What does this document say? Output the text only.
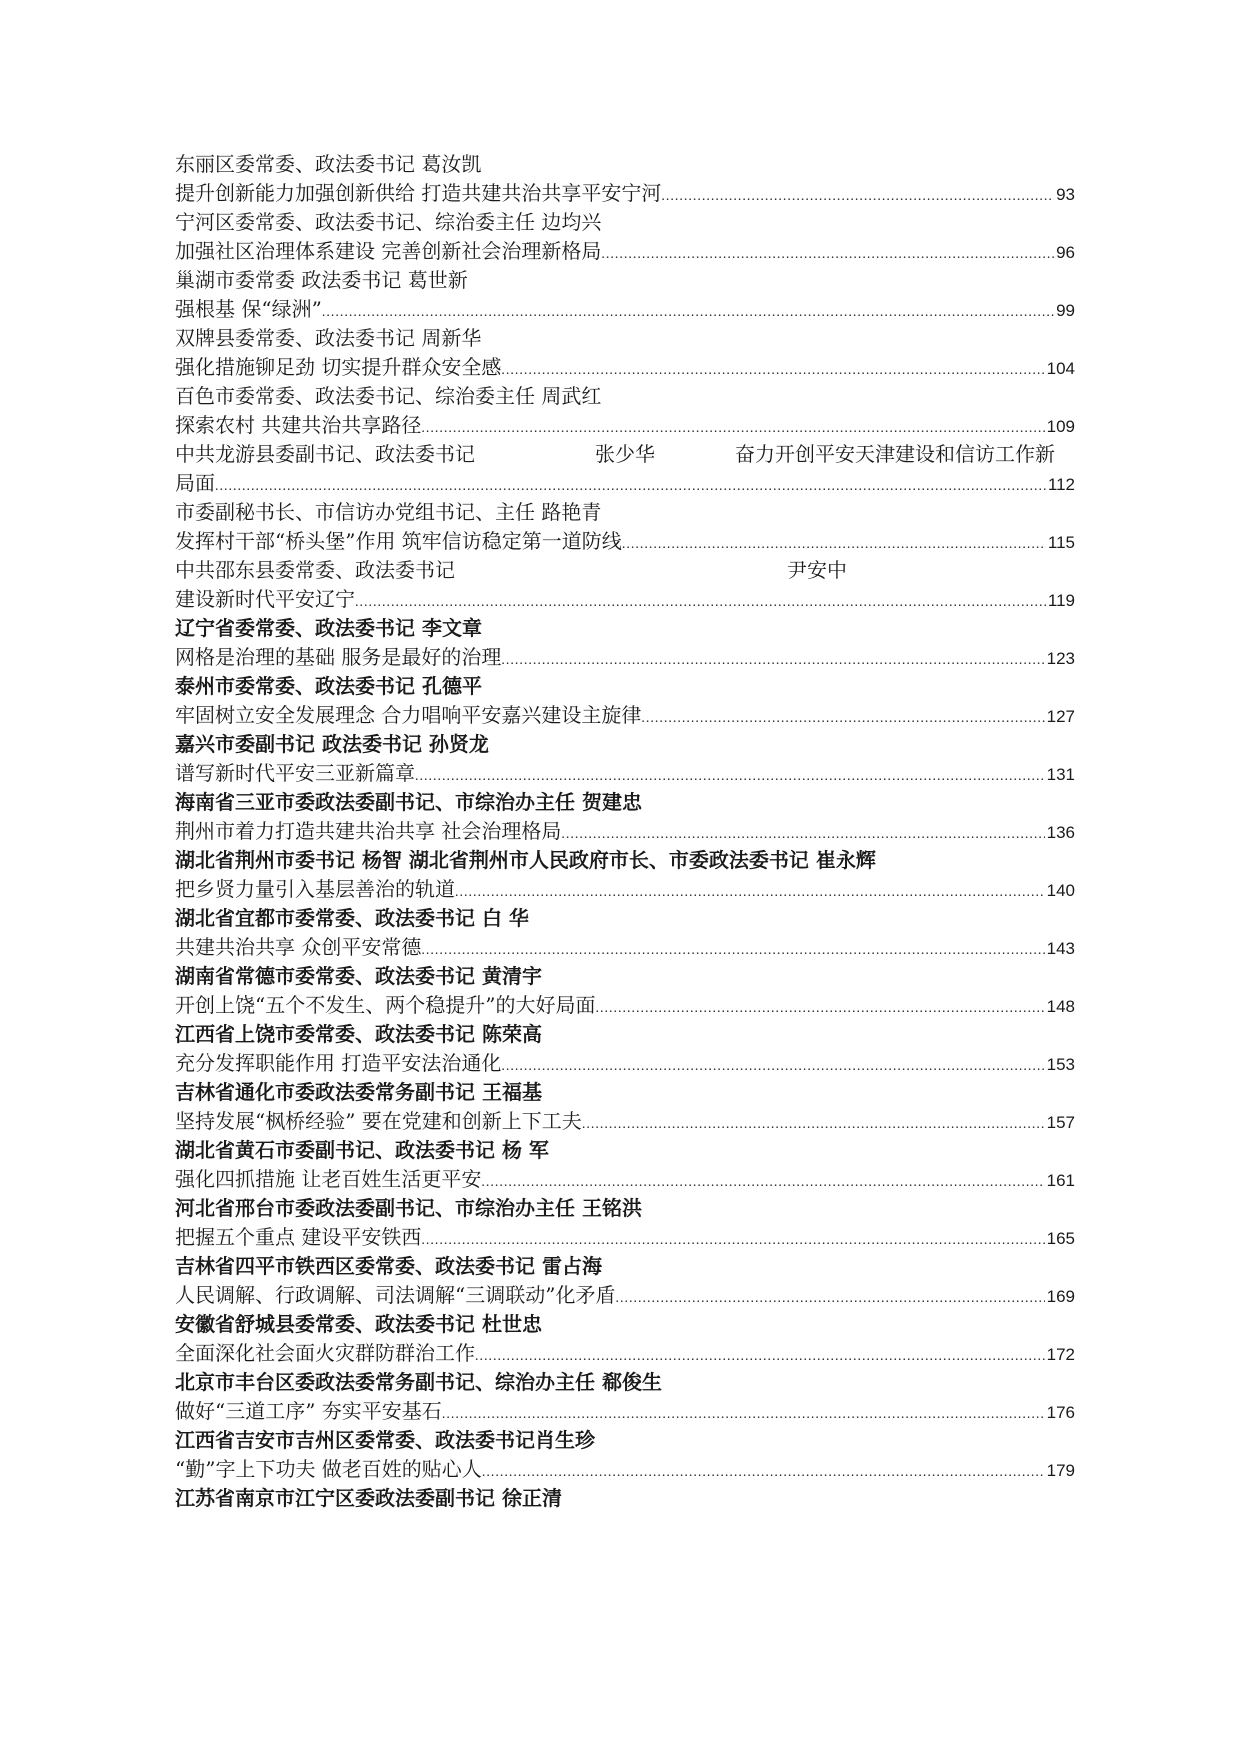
东丽区委常委、政法委书记 葛汝凯
提升创新能力加强创新供给 打造共建共治共享平安宁河 .....	93
宁河区委常委、政法委书记、综治委主任 边均兴
加强社区治理体系建设 完善创新社会治理新格局 .....	96
巢湖市委常委 政法委书记 葛世新
强根基 保“绿洲” .....	99
双牌县委常委、政法委书记 周新华
强化措施铆足劲 切实提升群众安全感 .....	104
百色市委常委、政法委书记、综治委主任 周武红
探索农村 共建共治共享路径 .....	109
中共龙游县委副书记、政法委书记	张少华	奋力开创平安天津建设和信访工作新
局面 .....	112
市委副秘书长、市信访办党组书记、主任 路艳青
发挥村干部“桥头堡”作用 筑牢信访稳定第一道防线 .....	115
中共邵东县委常委、政法委书记	尹安中
建设新时代平安辽宁 .....	119
辽宁省委常委、政法委书记 李文章
网格是治理的基础 服务是最好的治理 .....	123
泰州市委常委、政法委书记 孔德平
牢固树立安全发展理念 合力唱响平安嘉兴建设主旋律 .....	127
嘉兴市委副书记 政法委书记 孙贤龙
谱写新时代平安三亚新篇章 .....	131
海南省三亚市委政法委副书记、市综治办主任 贺建忠
荆州市着力打造共建共治共享 社会治理格局 .....	136
湖北省荆州市委书记 杨智 湖北省荆州市人民政府市长、市委政法委书记 崔永辉
把乡贤力量引入基层善治的轨道 .....	140
湖北省宜都市委常委、政法委书记 白 华
共建共治共享 众创平安常德 .....	143
湖南省常德市委常委、政法委书记 黄清宇
开创上饶“五个不发生、两个稳提升”的大好局面 .....	148
江西省上饶市委常委、政法委书记 陈荣高
充分发挥职能作用 打造平安法治通化 .....	153
吉林省通化市委政法委常务副书记 王福基
坚持发展“枫桥经验” 要在党建和创新上下工夫 .....	157
湖北省黄石市委副书记、政法委书记 杨 军
强化四抓措施 让老百姓生活更平安 .....	161
河北省邢台市委政法委副书记、市综治办主任 王铭洪
把握五个重点 建设平安铁西 .....	165
吉林省四平市铁西区委常委、政法委书记 雷占海
人民调解、行政调解、司法调解“三调联动”化矛盾 .....	169
安徽省舒城县委常委、政法委书记 杜世忠
全面深化社会面火灾群防群治工作 .....	172
北京市丰台区委政法委常务副书记、综治办主任 郗俊生
做好“三道工序” 夯实平安基石 .....	176
江西省吉安市吉州区委常委、政法委书记肖生珍
“勤”字上下功夫 做老百姓的贴心人 .....	179
江苏省南京市江宁区委政法委副书记 徐正清
